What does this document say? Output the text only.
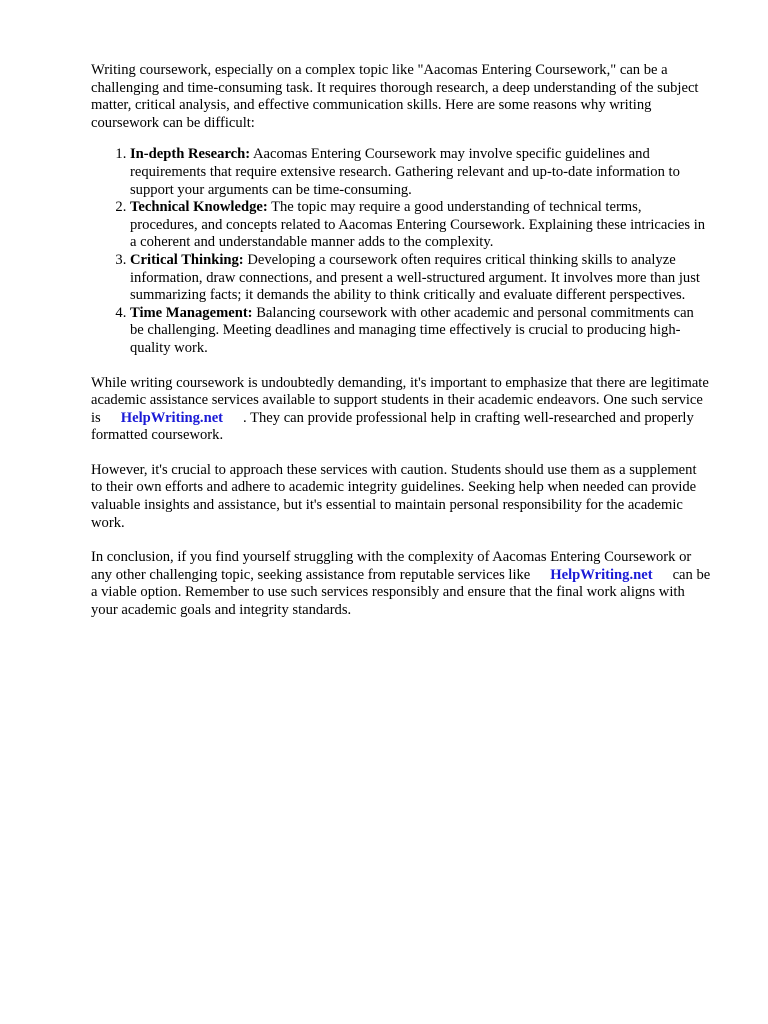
Writing coursework, especially on a complex topic like "Aacomas Entering Coursework," can be a challenging and time-consuming task. It requires thorough research, a deep understanding of the subject matter, critical analysis, and effective communication skills. Here are some reasons why writing coursework can be difficult:

1. In-depth Research: Aacomas Entering Coursework may involve specific guidelines and requirements that require extensive research. Gathering relevant and up-to-date information to support your arguments can be time-consuming.
2. Technical Knowledge: The topic may require a good understanding of technical terms, procedures, and concepts related to Aacomas Entering Coursework. Explaining these intricacies in a coherent and understandable manner adds to the complexity.
3. Critical Thinking: Developing a coursework often requires critical thinking skills to analyze information, draw connections, and present a well-structured argument. It involves more than just summarizing facts; it demands the ability to think critically and evaluate different perspectives.
4. Time Management: Balancing coursework with other academic and personal commitments can be challenging. Meeting deadlines and managing time effectively is crucial to producing high-quality work.

While writing coursework is undoubtedly demanding, it's important to emphasize that there are legitimate academic assistance services available to support students in their academic endeavors. One such service is HelpWriting.net . They can provide professional help in crafting well-researched and properly formatted coursework.

However, it's crucial to approach these services with caution. Students should use them as a supplement to their own efforts and adhere to academic integrity guidelines. Seeking help when needed can provide valuable insights and assistance, but it's essential to maintain personal responsibility for the academic work.

In conclusion, if you find yourself struggling with the complexity of Aacomas Entering Coursework or any other challenging topic, seeking assistance from reputable services like HelpWriting.net can be a viable option. Remember to use such services responsibly and ensure that the final work aligns with your academic goals and integrity standards.
